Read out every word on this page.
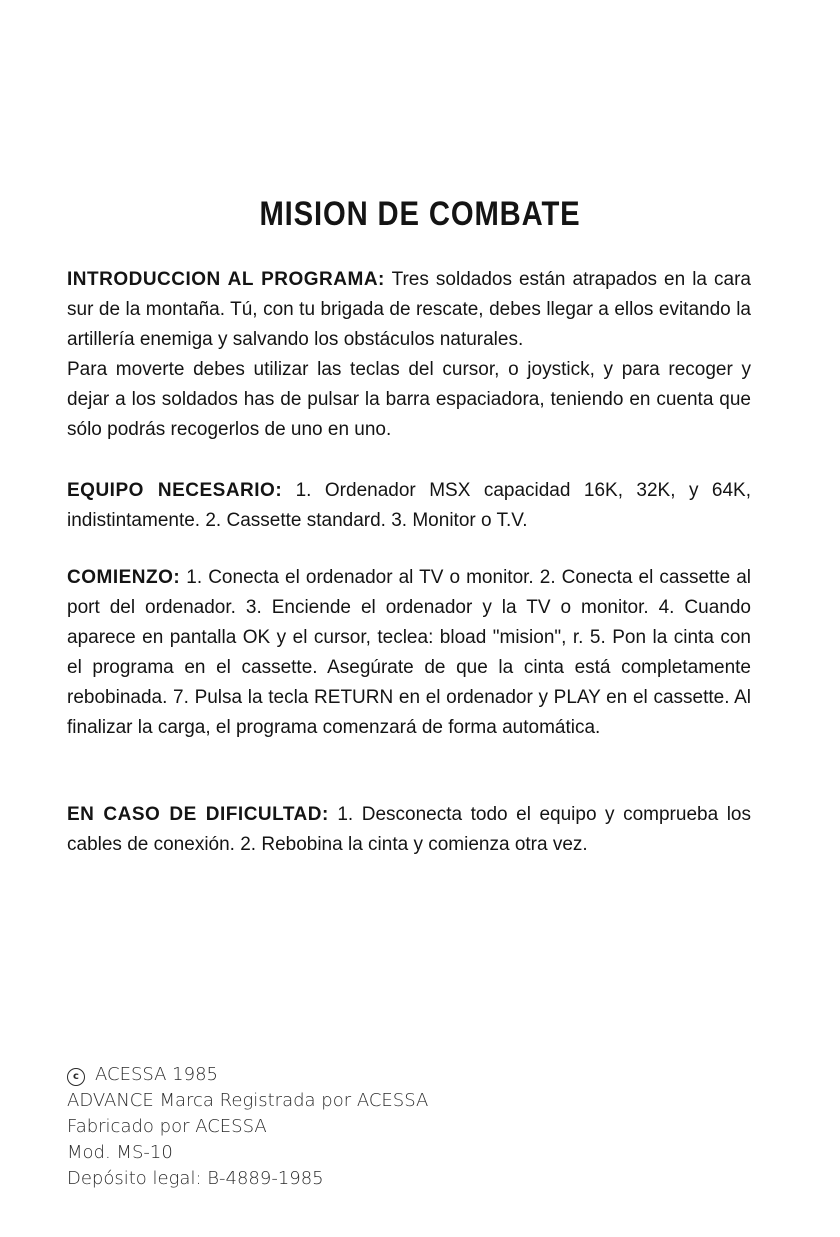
MISION DE COMBATE
INTRODUCCION AL PROGRAMA: Tres soldados están atrapados en la cara sur de la montaña. Tú, con tu brigada de rescate, debes llegar a ellos evitando la artillería enemiga y salvando los obstáculos naturales.
Para moverte debes utilizar las teclas del cursor, o joystick, y para recoger y dejar a los soldados has de pulsar la barra espaciadora, teniendo en cuenta que sólo podrás recogerlos de uno en uno.
EQUIPO NECESARIO: 1. Ordenador MSX capacidad 16K, 32K, y 64K, indistintamente. 2. Cassette standard. 3. Monitor o T.V.
COMIENZO: 1. Conecta el ordenador al TV o monitor. 2. Conecta el cassette al port del ordenador. 3. Enciende el ordenador y la TV o monitor. 4. Cuando aparece en pantalla OK y el cursor, teclea: bload "mision", r. 5. Pon la cinta con el programa en el cassette. Asegúrate de que la cinta está completamente rebobinada. 7. Pulsa la tecla RETURN en el ordenador y PLAY en el cassette. Al finalizar la carga, el programa comenzará de forma automática.
EN CASO DE DIFICULTAD: 1. Desconecta todo el equipo y comprueba los cables de conexión. 2. Rebobina la cinta y comienza otra vez.
c ACESSA 1985
ADVANCE Marca Registrada por ACESSA
Fabricado por ACESSA
Mod. MS-10
Depósito legal: B-4889-1985
